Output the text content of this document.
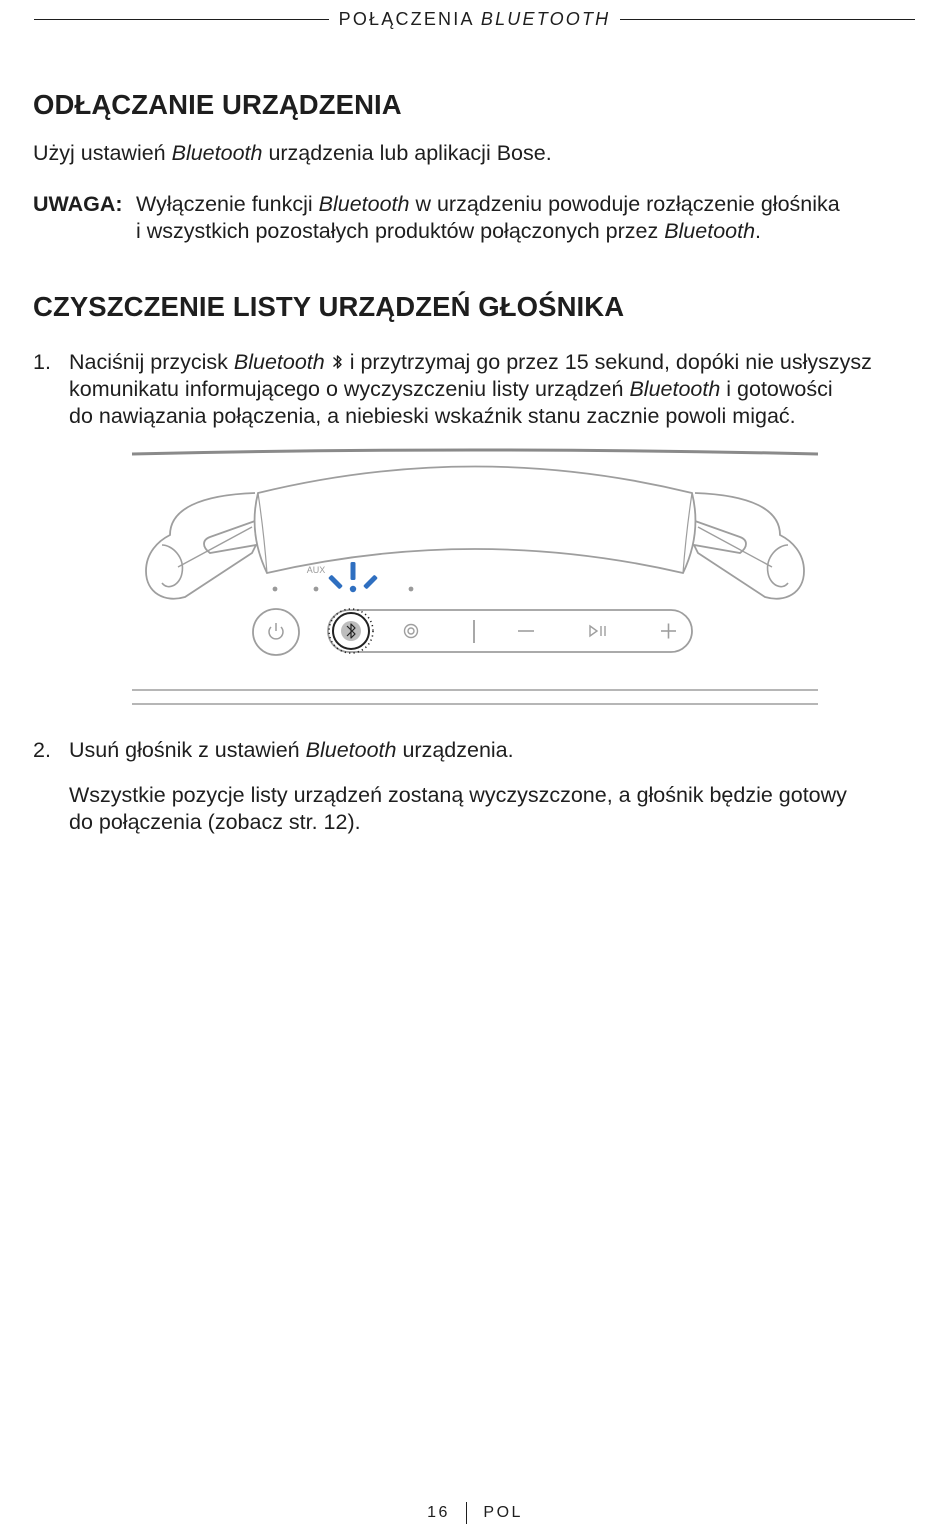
POŁĄCZENIA BLUETOOTH
ODŁĄCZANIE URZĄDZENIA

Użyj ustawień Bluetooth urządzenia lub aplikacji Bose.

UWAGA: Wyłączenie funkcji Bluetooth w urządzeniu powoduje rozłączenie głośnika
i wszystkich pozostałych produktów połączonych przez Bluetooth.

CZYSZCZENIE LISTY URZĄDZEŃ GŁOŚNIKA
1. Naciśnij przycisk Bluetooth  i przytrzymaj go przez 15 sekund, dopóki nie usłyszysz
komunikatu informującego o wyczyszczeniu listy urządzeń Bluetooth i gotowości
do nawiązania połączenia, a niebieski wskaźnik stanu zacznie powoli migać.

AUX
2. Usuń głośnik z ustawień Bluetooth urządzenia.

Wszystkie pozycje listy urządzeń zostaną wyczyszczone, a głośnik będzie gotowy
do połączenia (zobacz str. 12).

16 POL
